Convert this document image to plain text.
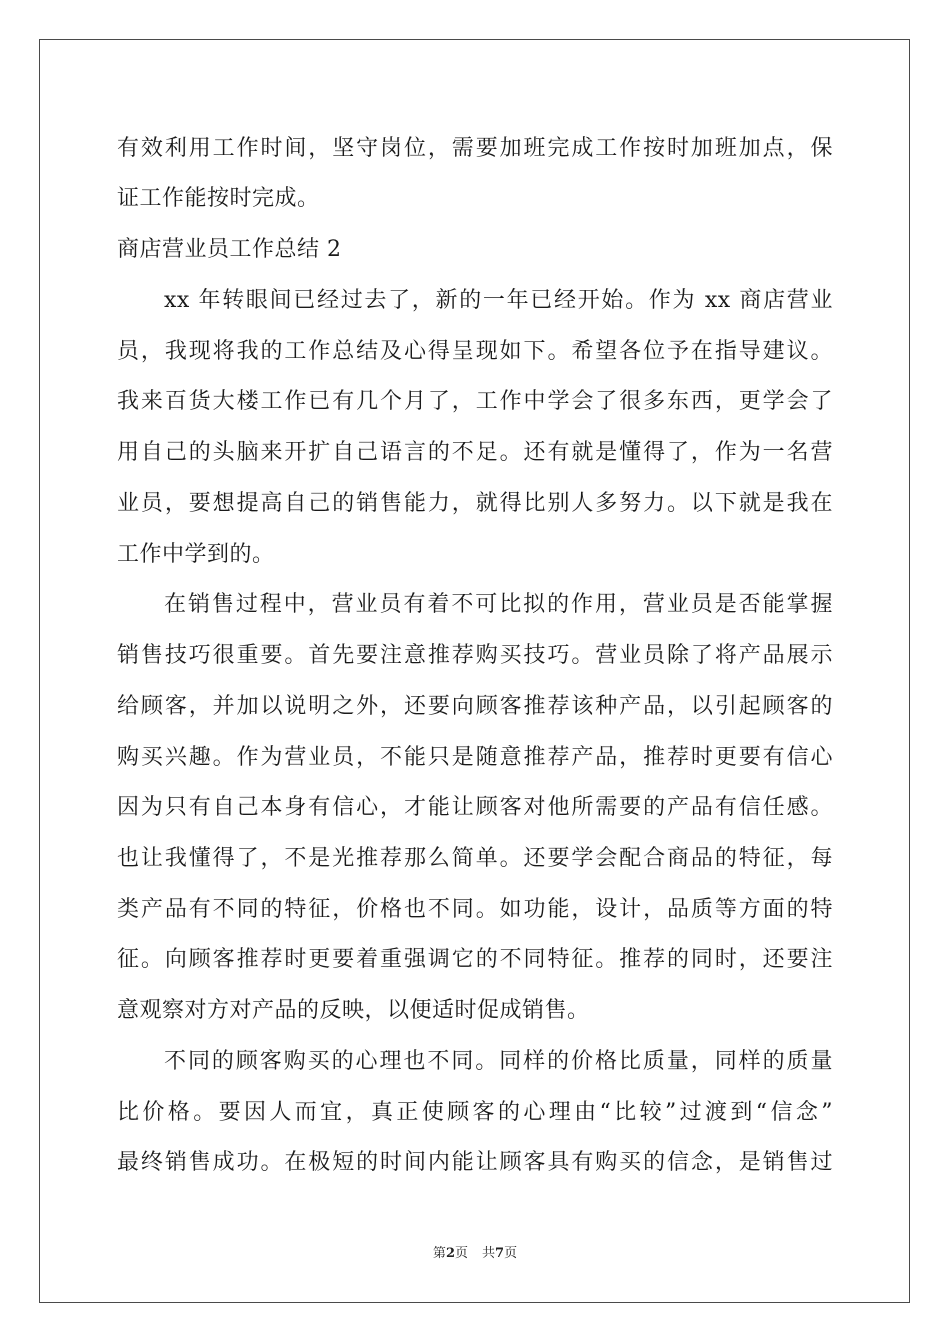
有效利用工作时间，坚守岗位，需要加班完成工作按时加班加点，保
证工作能按时完成。
商店营业员工作总结 2
xx 年转眼间已经过去了，新的一年已经开始。作为 xx 商店营业
员，我现将我的工作总结及心得呈现如下。希望各位予在指导建议。
我来百货大楼工作已有几个月了，工作中学会了很多东西，更学会了
用自己的头脑来开扩自己语言的不足。还有就是懂得了，作为一名营
业员，要想提高自己的销售能力，就得比别人多努力。以下就是我在
工作中学到的。
在销售过程中，营业员有着不可比拟的作用，营业员是否能掌握
销售技巧很重要。首先要注意推荐购买技巧。营业员除了将产品展示
给顾客，并加以说明之外，还要向顾客推荐该种产品，以引起顾客的
购买兴趣。作为营业员，不能只是随意推荐产品，推荐时更要有信心
因为只有自己本身有信心，才能让顾客对他所需要的产品有信任感。
也让我懂得了，不是光推荐那么简单。还要学会配合商品的特征，每
类产品有不同的特征，价格也不同。如功能，设计，品质等方面的特
征。向顾客推荐时更要着重强调它的不同特征。推荐的同时，还要注
意观察对方对产品的反映，以便适时促成销售。
不同的顾客购买的心理也不同。同样的价格比质量，同样的质量
比价格。要因人而宜，真正使顾客的心理由“比较”过渡到“信念”
最终销售成功。在极短的时间内能让顾客具有购买的信念，是销售过
第2页 共7页
